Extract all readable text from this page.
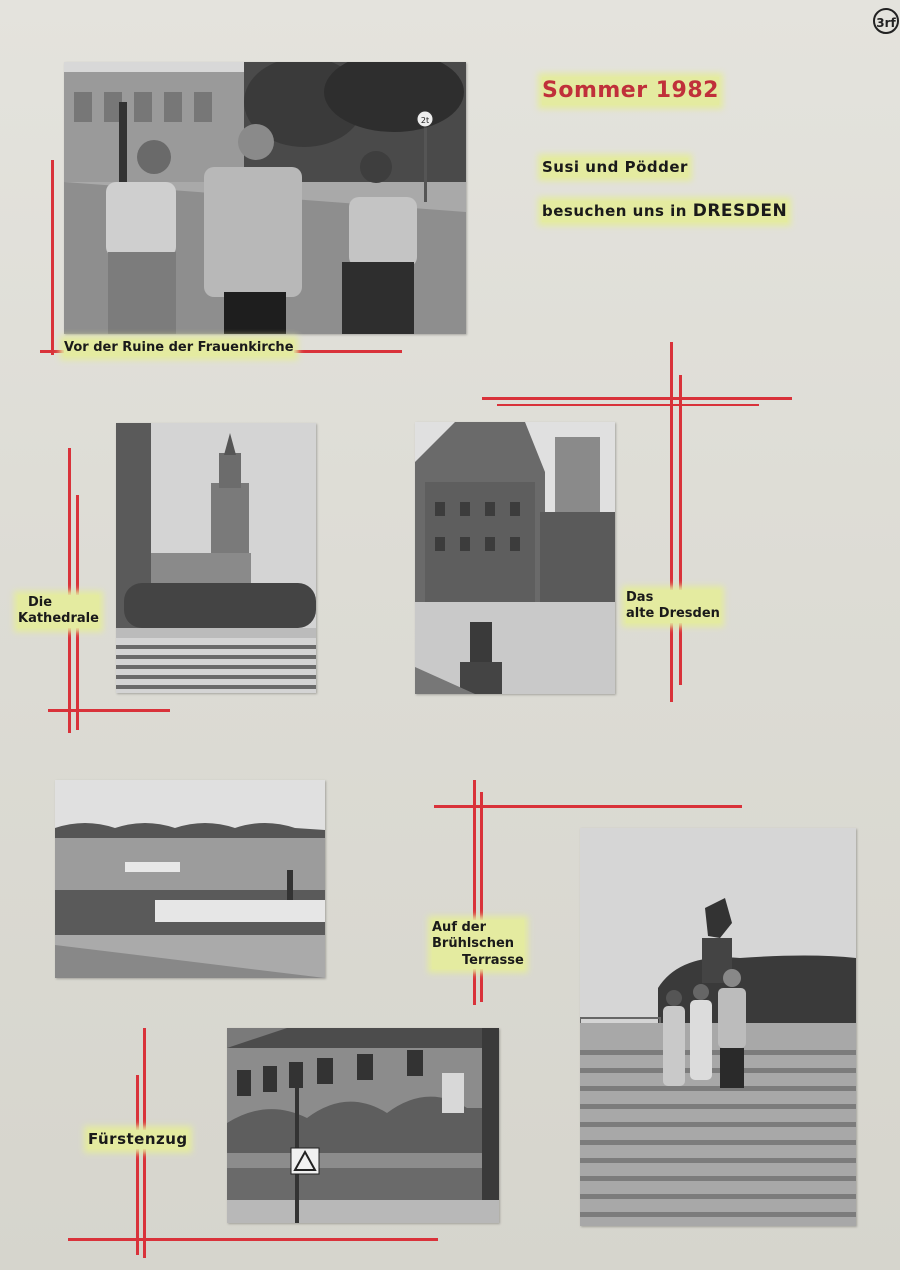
3rf
Sommer 1982
Susi und Pödder
besuchen uns in DRESDEN
2t
Vor der Ruine der Frauenkirche
Die
Kathedrale
Das
alte Dresden
Fürstenzug
Auf der
Brühlschen
Terrasse
